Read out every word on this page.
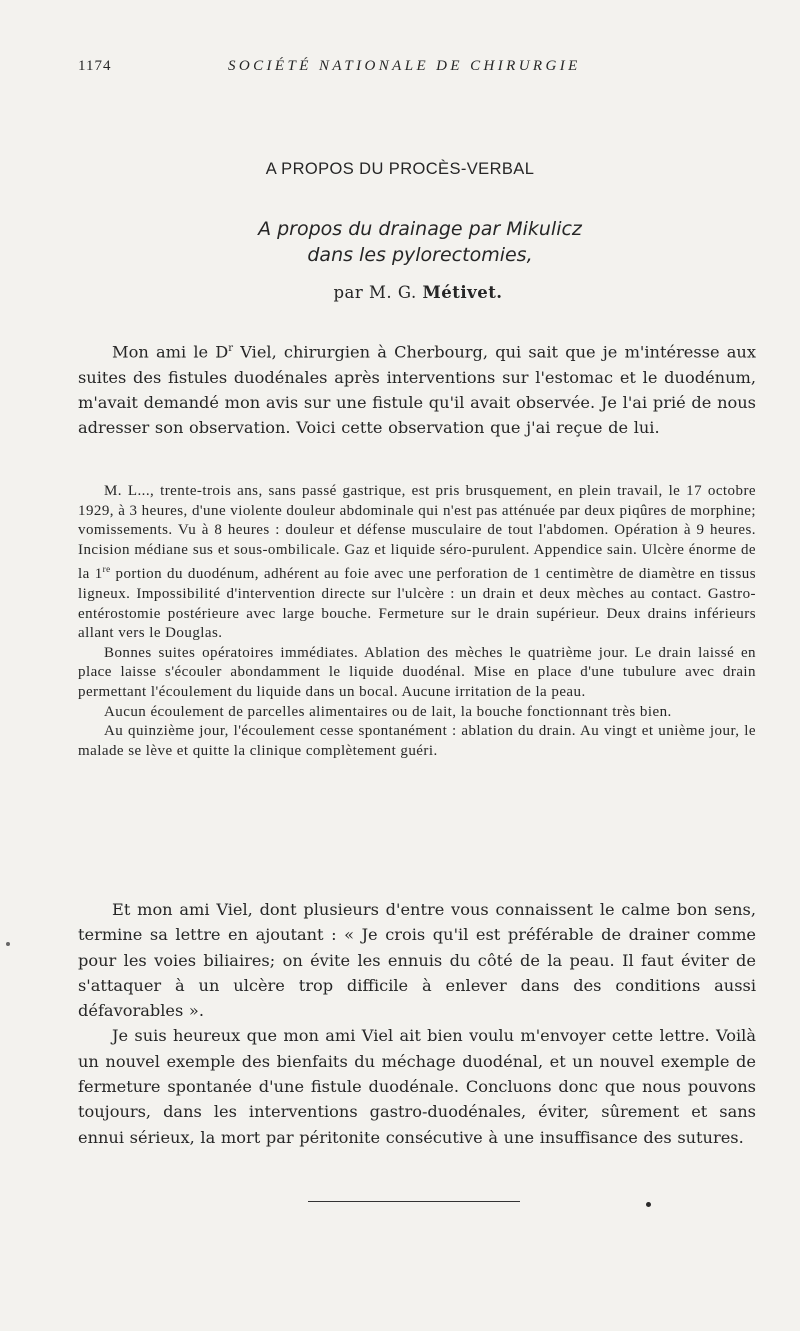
1174	SOCIÉTÉ NATIONALE DE CHIRURGIE
A PROPOS DU PROCÈS-VERBAL
A propos du drainage par Mikulicz
dans les pylorectomies,
par M. G. Métivet.

Mon ami le $D^r$ Viel, chirurgien à Cherbourg, qui sait que je m'intéresse aux suites des fistules duodénales après interventions sur l'estomac et le duodénum, m'avait demandé mon avis sur une fistule qu'il avait observée. Je l'ai prié de nous adresser son observation. Voici cette observation que j'ai reçue de lui.

M. L..., trente-trois ans, sans passé gastrique, est pris brusquement, en plein travail, le 17 octobre 1929, à 3 heures, d'une violente douleur abdominale qui n'est pas atténuée par deux piqûres de morphine; vomissements. Vu à 8 heures : douleur et défense musculaire de tout l'abdomen. Opération à 9 heures. Incision médiane sus et sous-ombilicale. Gaz et liquide séro-purulent. Appendice sain. Ulcère énorme de la 1re portion du duodénum, adhérent au foie avec une perforation de 1 centimètre de diamètre en tissus ligneux. Impossibilité d'intervention directe sur l'ulcère : un drain et deux mèches au contact. Gastro-entérostomie postérieure avec large bouche. Fermeture sur le drain supérieur. Deux drains inférieurs allant vers le Douglas.

Bonnes suites opératoires immédiates. Ablation des mèches le quatrième jour. Le drain laissé en place laisse s'écouler abondamment le liquide duodénal. Mise en place d'une tubulure avec drain permettant l'écoulement du liquide dans un bocal. Aucune irritation de la peau.

Aucun écoulement de parcelles alimentaires ou de lait, la bouche fonctionnant très bien.

Au quinzième jour, l'écoulement cesse spontanément : ablation du drain. Au vingt et unième jour, le malade se lève et quitte la clinique complètement guéri.

Et mon ami Viel, dont plusieurs d'entre vous connaissent le calme bon sens, termine sa lettre en ajoutant : « Je crois qu'il est préférable de drainer comme pour les voies biliaires; on évite les ennuis du côté de la peau. Il faut éviter de s'attaquer à un ulcère trop difficile à enlever dans des conditions aussi défavorables ».

Je suis heureux que mon ami Viel ait bien voulu m'envoyer cette lettre. Voilà un nouvel exemple des bienfaits du méchage duodénal, et un nouvel exemple de fermeture spontanée d'une fistule duodénale. Concluons donc que nous pouvons toujours, dans les interventions gastro-duodénales, éviter, sûrement et sans ennui sérieux, la mort par péritonite consécutive à une insuffisance des sutures.
